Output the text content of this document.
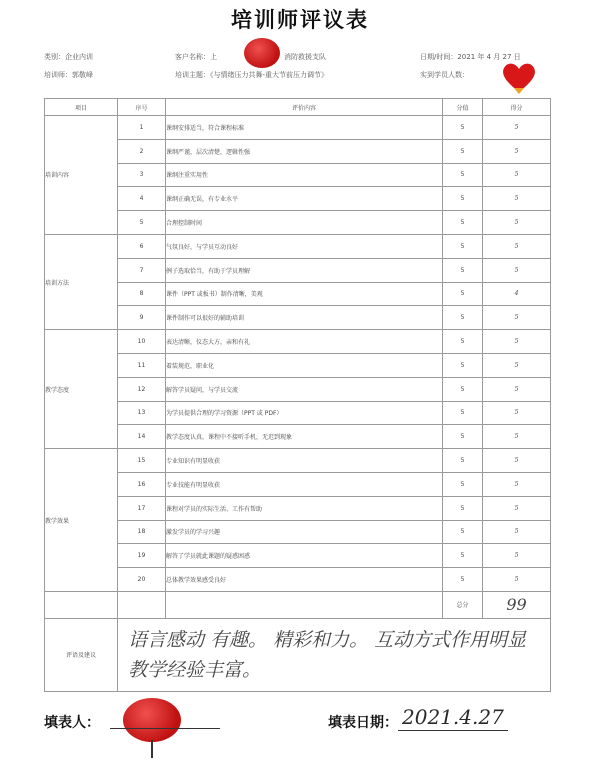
培训师评议表
类别：企业内训
培训师：郭敬峰
客户名称：上	消防救援支队
培训主题：《与情绪压力共舞-重大节前压力调节》
日期/时间：2021 年 4 月 27 日
实到学员人数：
项目	序号	评价内容	分值	得分
培训内容	1	课纲安排适当，符合课程标准	5	5
	2	课纲严谨，层次清楚，逻辑性强	5	5
	3	课纲注重实用性	5	5
	4	课纲正确无误，有专业水平	5	5
	5	合理控制时间	5	5
培训方法	6	气氛良好，与学员互动良好	5	5
	7	例子选取恰当，有助于学员理解	5	5
	8	课件（PPT 或板书）制作清晰，美观	5	4
	9	课件制作可以很好的辅助培训	5	5
教学态度	10	表达清晰，仪态大方，亲和有礼	5	5
	11	着装规范，职业化	5	5
	12	解答学员疑问，与学员交流	5	5
	13	为学员提供合理的学习资源（PPT 或 PDF）	5	5
	14	教学态度认真，课程中不接听手机，无迟到现象	5	5
教学效果	15	专业知识有明显收获	5	5
	16	专业技能有明显收获	5	5
	17	课程对学员的实际生活、工作有帮助	5	5
	18	激发学员的学习兴趣	5	5
	19	解答了学员就此课题的疑惑困惑	5	5
	20	总体教学效果感受良好	5	5
			总分	99
评语及建议	语言感动 有趣。 精彩和力。 互动方式作用明显
教学经验丰富。			
填表人：	填表日期： 2021.4.27
